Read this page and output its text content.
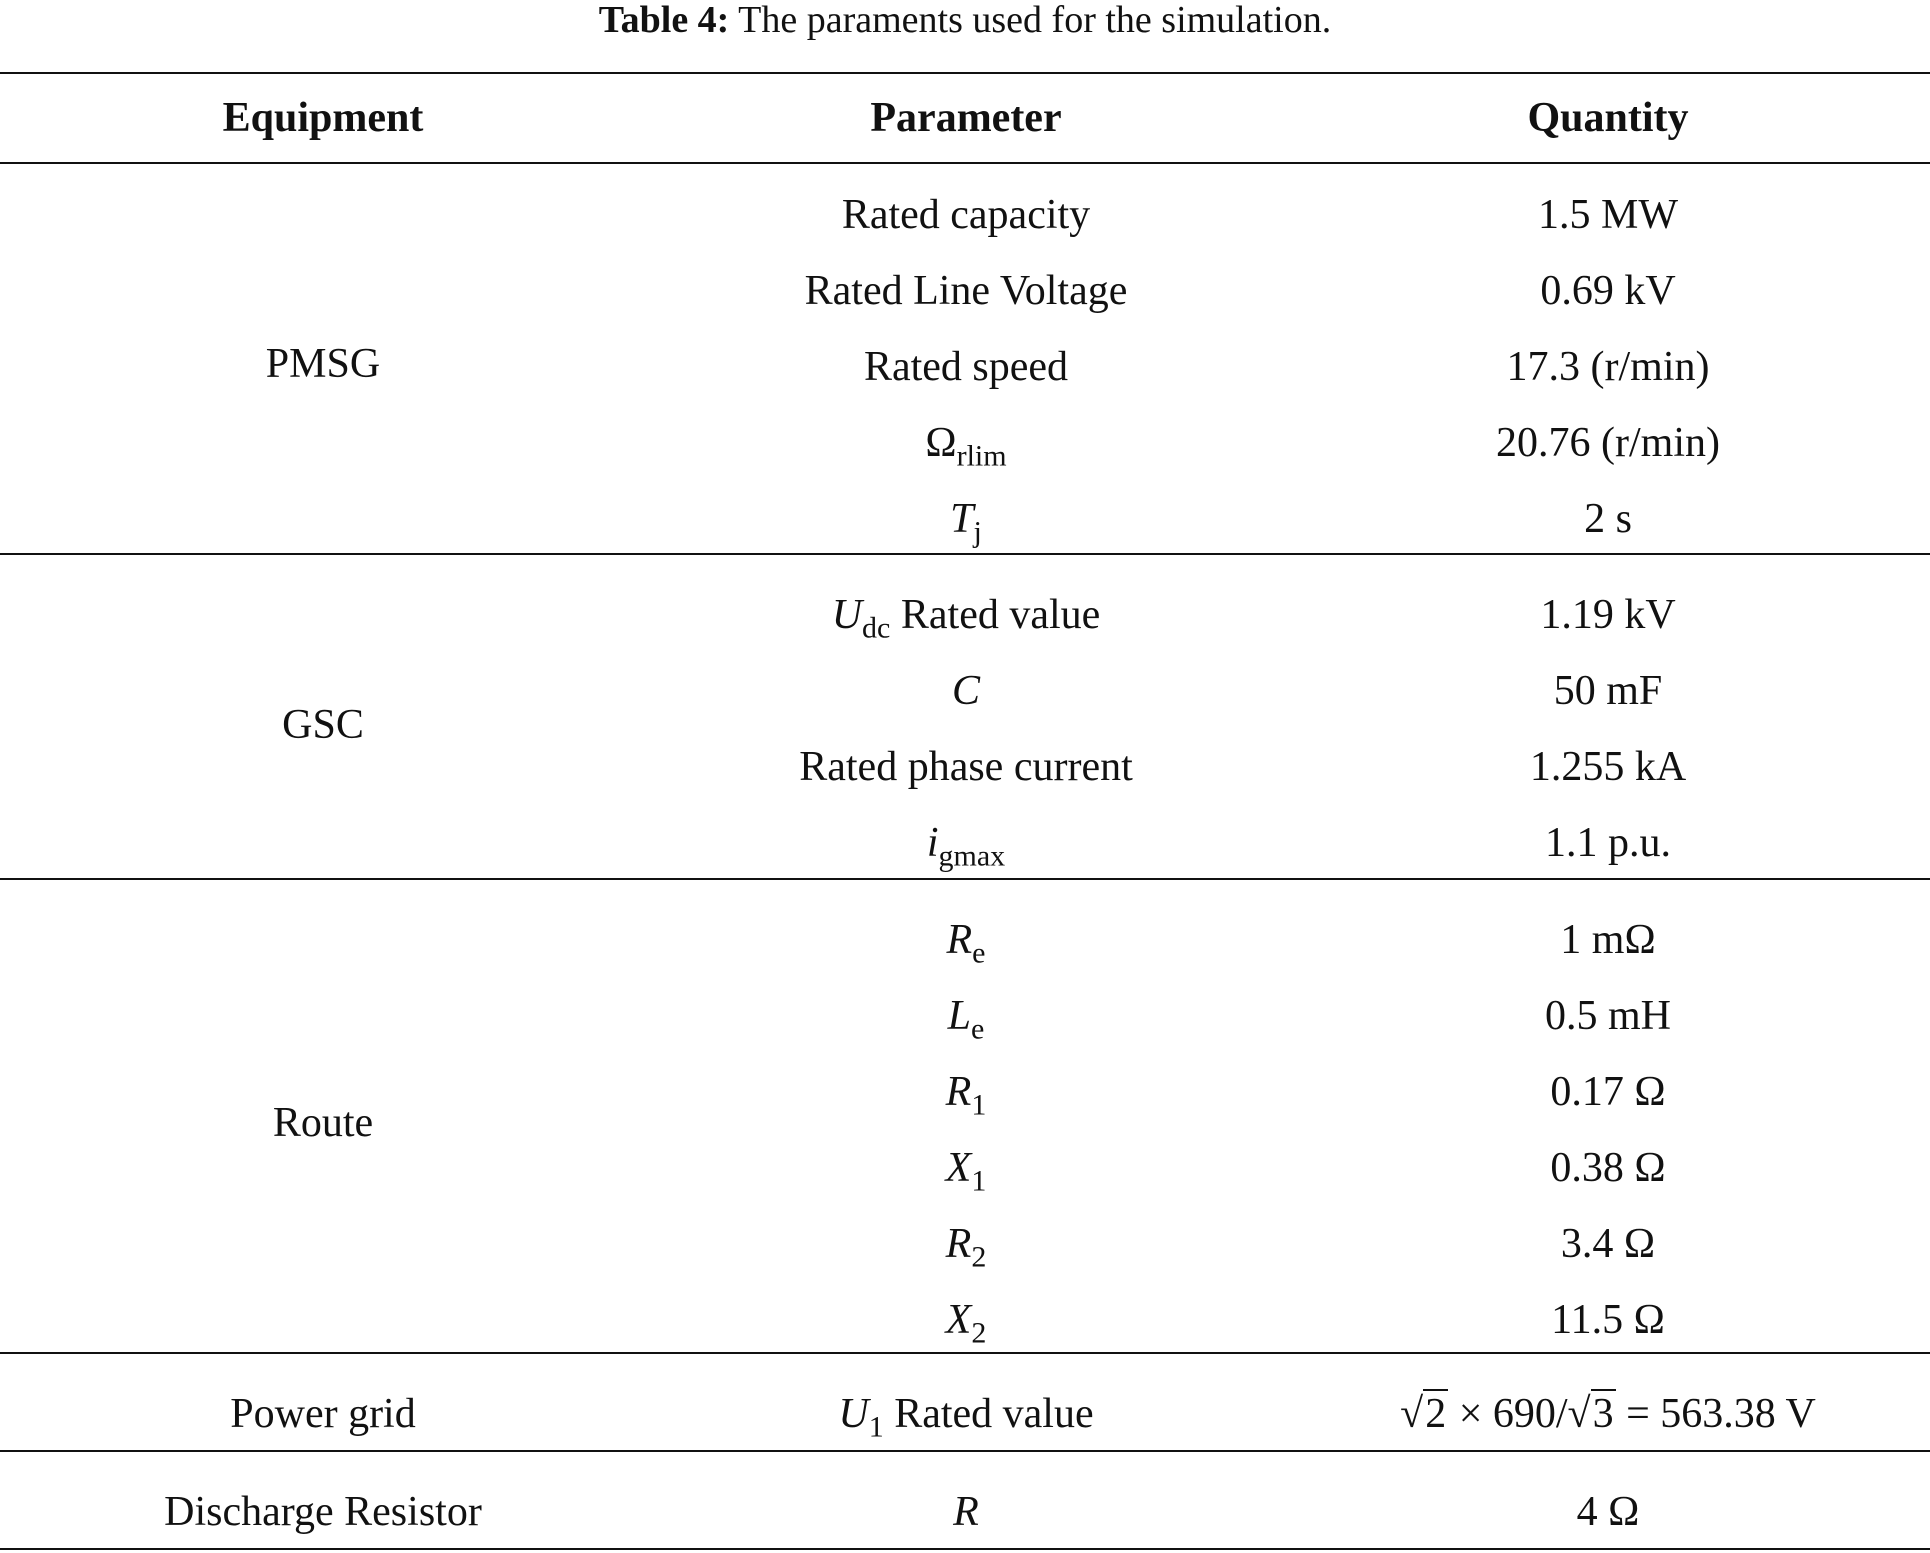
Table 4: The paraments used for the simulation.
Equipment	Parameter	Quantity
PMSG
Rated capacity	1.5 MW
Rated Line Voltage	0.69 kV
Rated speed	17.3 (r/min)
$\Omega_{rlim}$	20.76 (r/min)
$T_j$	2 s
GSC
$U_{dc}$ Rated value	1.19 kV
C	50 mF
Rated phase current	1.255 kA
$i_{gmax}$	1.1 p.u.
Route
$R_e$	1 mΩ
$L_e$	0.5 mH
$R_1$	0.17 Ω
$X_1$	0.38 Ω
$R_2$	3.4 Ω
$X_2$	11.5 Ω
Power grid	$U_1$ Rated value	√2 × 690/√3 = 563.38 V
Discharge Resistor	R	4 Ω
